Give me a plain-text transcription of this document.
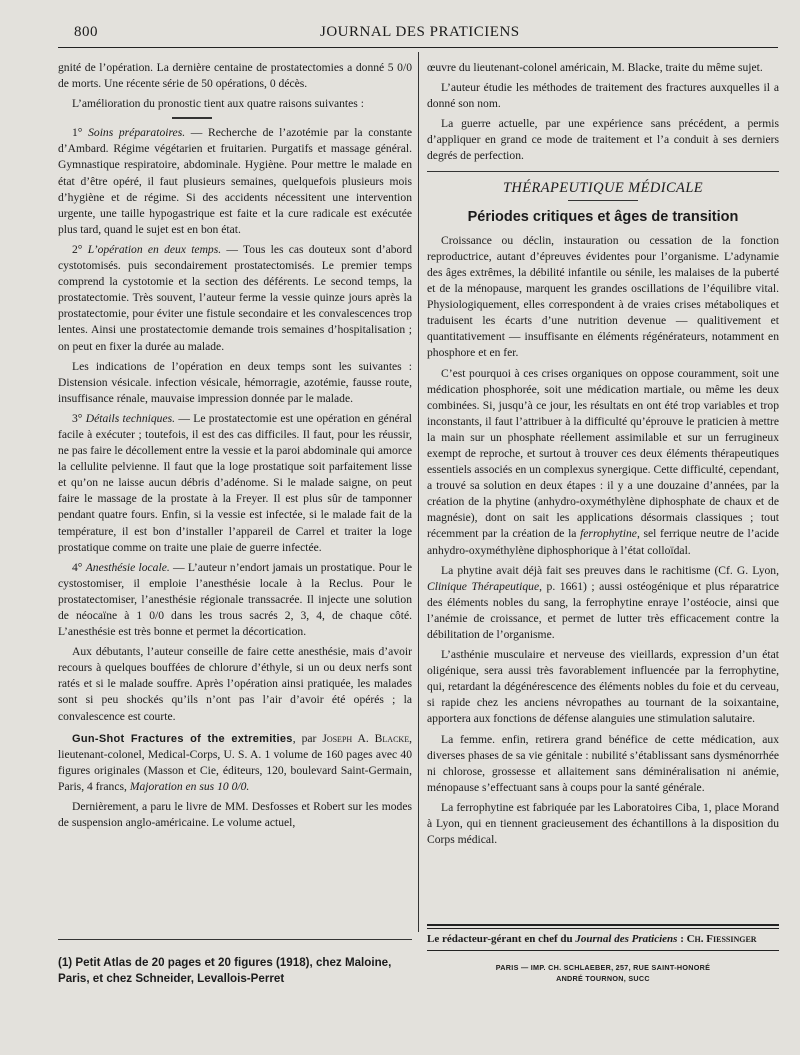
800	JOURNAL DES PRATICIENS

gnité de l’opération. La dernière centaine de prostatectomies a donné 5 0/0 de morts. Une récente série de 50 opérations, 0 décès.

L’amélioration du pronostic tient aux quatre raisons suivantes :

1° Soins préparatoires. — Recherche de l’azotémie par la constante d’Ambard. Régime végétarien et fruitarien. Purgatifs et massage général. Gymnastique respiratoire, abdominale. Hygiène. Pour mettre le malade en état d’être opéré, il faut plusieurs semaines, quelquefois plusieurs mois d’hygiène et de régime. Si des accidents nécessitent une intervention urgente, une taille hypogastrique est faite et la cure radicale est exécutée plus tard, quand le sujet est en bon état.

2° L’opération en deux temps. — Tous les cas douteux sont d’abord cystotomisés. puis secondairement prostatectomisés. Le premier temps comprend la cystotomie et la section des déférents. Le second temps, la prostatectomie. Très souvent, l’auteur ferme la vessie quinze jours après la prostatectomie, pour éviter une fistule secondaire et les convalescences trop lentes. Ainsi une prostatectomie demande trois semaines d’hospitalisation ; on peut en fixer la durée au malade.

Les indications de l’opération en deux temps sont les suivantes : Distension vésicale. infection vésicale, hémorragie, azotémie, fausse route, insuffisance rénale, mauvaise impression donnée par le malade.

3° Détails techniques. — Le prostatectomie est une opération en général facile à exécuter ; toutefois, il est des cas difficiles. Il faut, pour les réussir, ne pas faire le décollement entre la vessie et la paroi abdominale qui amorce la cellulite pelvienne. Il faut que la loge prostatique soit parfaitement lisse et qu’on ne laisse aucun débris d’adénome. Si le malade saigne, on peut faire le massage de la prostate à la Freyer. Il est plus sûr de tamponner pendant quatre fours. Enfin, si la vessie est infectée, si le malade fait de la température, il est bon d’installer l’appareil de Carrel et traiter la loge prostatique comme on traite une plaie de guerre infectée.

4° Anesthésie locale. — L’auteur n’endort jamais un prostatique. Pour le cystostomiser, il emploie l’anesthésie locale à la Reclus. Pour le prostatectomiser, l’anesthésie régionale transsacrée. Il injecte une solution de néocaïne à 1 0/0 dans les trous sacrés 2, 3, 4, de chaque côté. L’anesthésie est très bonne et permet la décortication.

Aux débutants, l’auteur conseille de faire cette anesthésie, mais d’avoir recours à quelques bouffées de chlorure d’éthyle, si un ou deux nerfs sont ratés et si le malade souffre. Après l’opération ainsi pratiquée, les malades sont si peu shockés qu’ils n’ont pas l’air d’avoir été opérés ; la convalescence est courte.

Gun-Shot Fractures of the extremities, par Joseph A. Blacke, lieutenant-colonel, Medical-Corps, U. S. A. 1 volume de 160 pages avec 40 figures originales (Masson et Cie, éditeurs, 120, boulevard Saint-Germain, Paris, 4 francs, Majoration en sus 10 0/0.

Dernièrement, a paru le livre de MM. Desfosses et Robert sur les modes de suspension anglo-américaine. Le volume actuel,

(1) Petit Atlas de 20 pages et 20 figures (1918), chez Maloine, Paris, et chez Schneider, Levallois-Perret

œuvre du lieutenant-colonel américain, M. Blacke, traite du même sujet.

L’auteur étudie les méthodes de traitement des fractures auxquelles il a donné son nom.

La guerre actuelle, par une expérience sans précédent, a permis d’appliquer en grand ce mode de traitement et l’a conduit à ses derniers degrés de perfection.

THÉRAPEUTIQUE MÉDICALE
Périodes critiques et âges de transition

Croissance ou déclin, instauration ou cessation de la fonction reproductrice, autant d’épreuves évidentes pour l’organisme. L’adynamie des âges extrêmes, la débilité infantile ou sénile, les malaises de la puberté et de la ménopause, marquent les grandes oscillations de l’équilibre vital. Physiologiquement, elles correspondent à de vraies crises métaboliques et traduisent les écarts d’une nutrition devenue — qualitivement et quantitativement — insuffisante en éléments régénérateurs, notamment en phosphore et en fer.

C’est pourquoi à ces crises organiques on oppose couramment, soit une médication phosphorée, soit une médication martiale, ou même les deux combinées. Si, jusqu’à ce jour, les résultats en ont été trop variables et trop inconstants, il faut l’attribuer à la difficulté qu’éprouve le praticien à mettre la main sur un phosphate réellement assimilable et sur un ferrugineux exempt de reproche, et surtout à trouver ces deux éléments thérapeutiques essentiels associés en un complexus synergique. Cette difficulté, cependant, a trouvé sa solution en deux étapes : il y a une douzaine d’années, par la création de la phytine (anhydro-oxyméthylène diphosphate de chaux et de magnésie), dont on sait les applications désormais classiques ; tout récemment par la création de la ferrophytine, sel ferrique neutre de l’acide anhydro-oxyméthylène diphosphorique à l’état colloïdal.

La phytine avait déjà fait ses preuves dans le rachitisme (Cf. G. Lyon, Clinique Thérapeutique, p. 1661) ; aussi ostéogénique et plus réparatrice des éléments nobles du sang, la ferrophytine enraye l’ostéocie, ainsi que l’anémie de croissance, et permet de lutter très efficacement contre la débilitation de l’organisme.

L’asthénie musculaire et nerveuse des vieillards, expression d’un état oligénique, sera aussi très favorablement influencée par la ferrophytine, qui, retardant la dégénérescence des éléments nobles du foie et du cerveau, si rapide chez les anciens névropathes au tournant de la soixantaine, apportera aux fonctions de défense alanguies une stimulation salutaire.

La femme. enfin, retirera grand bénéfice de cette médication, aux diverses phases de sa vie génitale : nubilité s’établissant sans dysménorrhée ni chlorose, grossesse et allaitement sans déminéralisation ni anémie, ménopause s’effectuant sans à coups pour la santé générale.

La ferrophytine est fabriquée par les Laboratoires Ciba, 1, place Morand à Lyon, qui en tiennent gracieusement des échantillons à la disposition du Corps médical.

Le rédacteur-gérant en chef du Journal des Praticiens : Ch. Fiessinger
PARIS — IMP. CH. SCHLAEBER, 257, RUE SAINT-HONORÉ
ANDRÉ TOURNON, SUCC
